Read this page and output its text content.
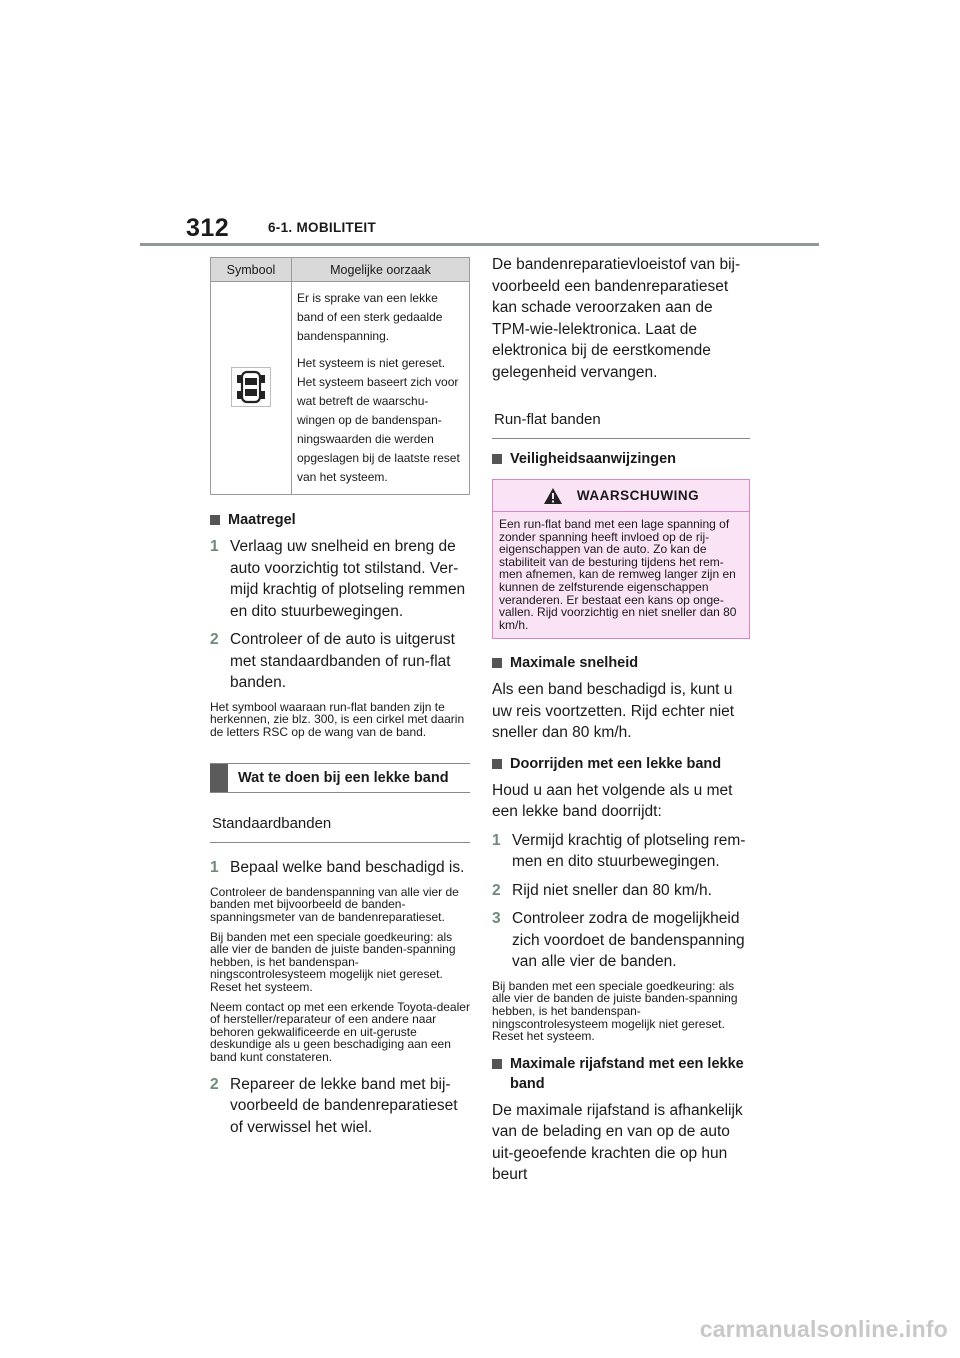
312	6-1. MOBILITEIT
Symbool	Mogelijke oorzaak

Er is sprake van een lekke band of een sterk gedaalde bandenspanning.

Het systeem is niet gereset. Het systeem baseert zich voor wat betreft de waarschu-wingen op de bandenspan-ningswaarden die werden opgeslagen bij de laatste reset van het systeem.

Maatregel
1 Verlaag uw snelheid en breng de auto voorzichtig tot stilstand. Ver-mijd krachtig of plotseling remmen en dito stuurbewegingen.
2 Controleer of de auto is uitgerust met standaardbanden of run-flat banden.

Het symbool waaraan run-flat banden zijn te herkennen, zie blz. 300, is een cirkel met daarin de letters RSC op de wang van de band.

Wat te doen bij een lekke band
Standaardbanden
1 Bepaal welke band beschadigd is.

Controleer de bandenspanning van alle vier de banden met bijvoorbeeld de banden-spanningsmeter van de bandenreparatieset.

Bij banden met een speciale goedkeuring: als alle vier de banden de juiste banden-spanning hebben, is het bandenspan-ningscontrolesysteem mogelijk niet gereset. Reset het systeem.

Neem contact op met een erkende Toyota-dealer of hersteller/reparateur of een andere naar behoren gekwalificeerde en uit-geruste deskundige als u geen beschadiging aan een band kunt constateren.

2 Repareer de lekke band met bij-voorbeeld de bandenreparatieset of verwissel het wiel.

De bandenreparatievloeistof van bij-voorbeeld een bandenreparatieset kan schade veroorzaken aan de TPM-wie-lelektronica. Laat de elektronica bij de eerstkomende gelegenheid vervangen.

Run-flat banden
Veiligheidsaanwijzingen
WAARSCHUWING
Een run-flat band met een lage spanning of zonder spanning heeft invloed op de rij-eigenschappen van de auto. Zo kan de stabiliteit van de besturing tijdens het rem-men afnemen, kan de remweg langer zijn en kunnen de zelfsturende eigenschappen veranderen. Er bestaat een kans op onge-vallen. Rijd voorzichtig en niet sneller dan 80 km/h.
Maximale snelheid

Als een band beschadigd is, kunt u uw reis voortzetten. Rijd echter niet sneller dan 80 km/h.

Doorrijden met een lekke band

Houd u aan het volgende als u met een lekke band doorrijdt:

1 Vermijd krachtig of plotseling rem-men en dito stuurbewegingen.
2 Rijd niet sneller dan 80 km/h.
3 Controleer zodra de mogelijkheid zich voordoet de bandenspanning van alle vier de banden.

Bij banden met een speciale goedkeuring: als alle vier de banden de juiste banden-spanning hebben, is het bandenspan-ningscontrolesysteem mogelijk niet gereset. Reset het systeem.

Maximale rijafstand met een lekke band

De maximale rijafstand is afhankelijk van de belading en van op de auto uit-geoefende krachten die op hun beurt

carmanualsonline.info
